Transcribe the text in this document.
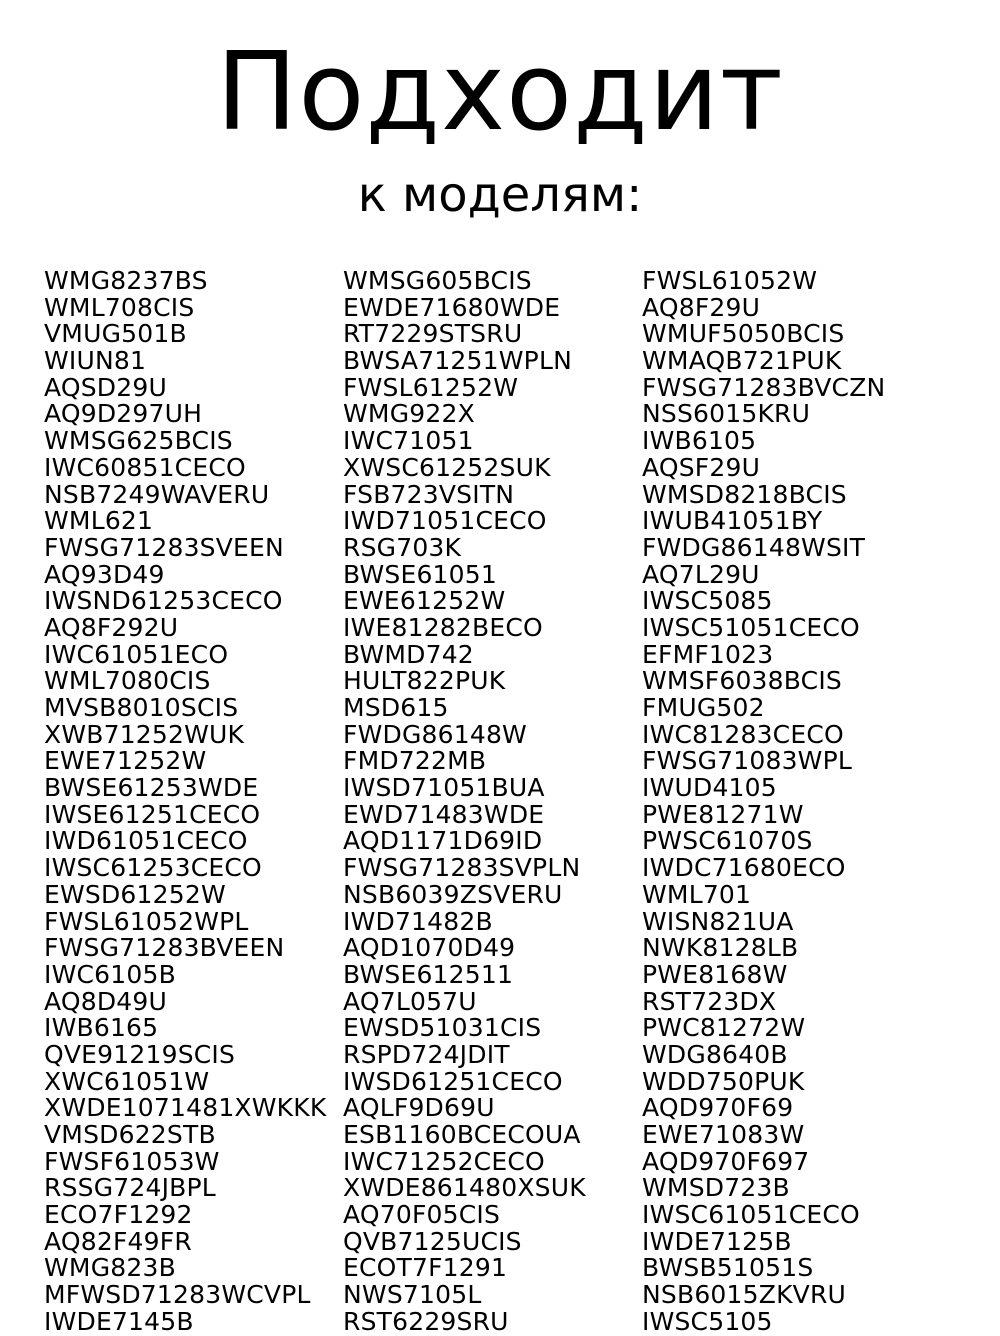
Подходит
к моделям:
WMG8237BS
WML708CIS
VMUG501B
WIUN81
AQSD29U
AQ9D297UH
WMSG625BCIS
IWC60851CECO
NSB7249WAVERU
WML621
FWSG71283SVEEN
AQ93D49
IWSND61253CECO
AQ8F292U
IWC61051ECO
WML7080CIS
MVSB8010SCIS
XWB71252WUK
EWE71252W
BWSE61253WDE
IWSE61251CECO
IWD61051CECO
IWSC61253CECO
EWSD61252W
FWSL61052WPL
FWSG71283BVEEN
IWC6105B
AQ8D49U
IWB6165
QVE91219SCIS
XWC61051W
XWDE1071481XWKKK
VMSD622STB
FWSF61053W
RSSG724JBPL
ECO7F1292
AQ82F49FR
WMG823B
MFWSD71283WCVPL
IWDE7145B
WMSG605BCIS
EWDE71680WDE
RT7229STSRU
BWSA71251WPLN
FWSL61252W
WMG922X
IWC71051
XWSC61252SUK
FSB723VSITN
IWD71051CECO
RSG703K
BWSE61051
EWE61252W
IWE81282BECO
BWMD742
HULT822PUK
MSD615
FWDG86148W
FMD722MB
IWSD71051BUA
EWD71483WDE
AQD1171D69ID
FWSG71283SVPLN
NSB6039ZSVERU
IWD71482B
AQD1070D49
BWSE612511
AQ7L057U
EWSD51031CIS
RSPD724JDIT
IWSD61251CECO
AQLF9D69U
ESB1160BCECOUA
IWC71252CECO
XWDE861480XSUK
AQ70F05CIS
QVB7125UCIS
ECOT7F1291
NWS7105L
RST6229SRU
FWSL61052W
AQ8F29U
WMUF5050BCIS
WMAQB721PUK
FWSG71283BVCZN
NSS6015KRU
IWB6105
AQSF29U
WMSD8218BCIS
IWUB41051BY
FWDG86148WSIT
AQ7L29U
IWSC5085
IWSC51051CECO
EFMF1023
WMSF6038BCIS
FMUG502
IWC81283CECO
FWSG71083WPL
IWUD4105
PWE81271W
PWSC61070S
IWDC71680ECO
WML701
WISN821UA
NWK8128LB
PWE8168W
RST723DX
PWC81272W
WDG8640B
WDD750PUK
AQD970F69
EWE71083W
AQD970F697
WMSD723B
IWSC61051CECO
IWDE7125B
BWSB51051S
NSB6015ZKVRU
IWSC5105
